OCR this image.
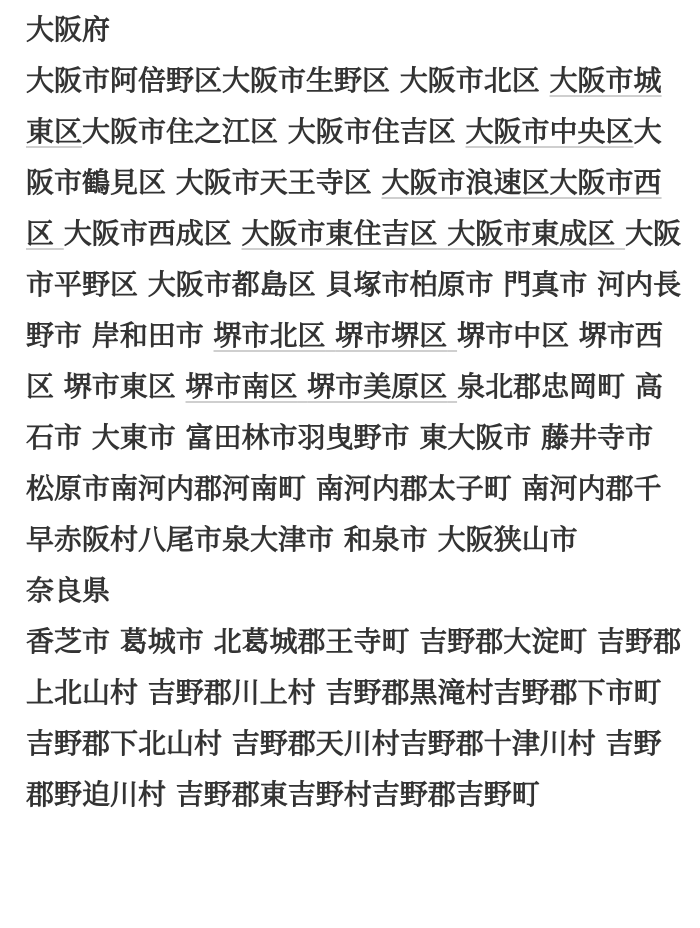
大阪府
大阪市阿倍野区大阪市生野区 大阪市北区 大阪市城東区大阪市住之江区 大阪市住吉区 大阪市中央区大阪市鶴見区 大阪市天王寺区 大阪市浪速区大阪市西区 大阪市西成区 大阪市東住吉区 大阪市東成区 大阪市平野区 大阪市都島区 貝塚市柏原市 門真市 河内長野市 岸和田市 堺市北区 堺市堺区 堺市中区 堺市西区 堺市東区 堺市南区 堺市美原区 泉北郡忠岡町 高石市 大東市 富田林市羽曳野市 東大阪市 藤井寺市松原市南河内郡河南町 南河内郡太子町 南河内郡千早赤阪村八尾市泉大津市 和泉市 大阪狭山市
奈良県
香芝市 葛城市 北葛城郡王寺町 吉野郡大淀町 吉野郡上北山村 吉野郡川上村 吉野郡黒滝村吉野郡下市町吉野郡下北山村 吉野郡天川村吉野郡十津川村 吉野郡野迫川村 吉野郡東吉野村吉野郡吉野町
